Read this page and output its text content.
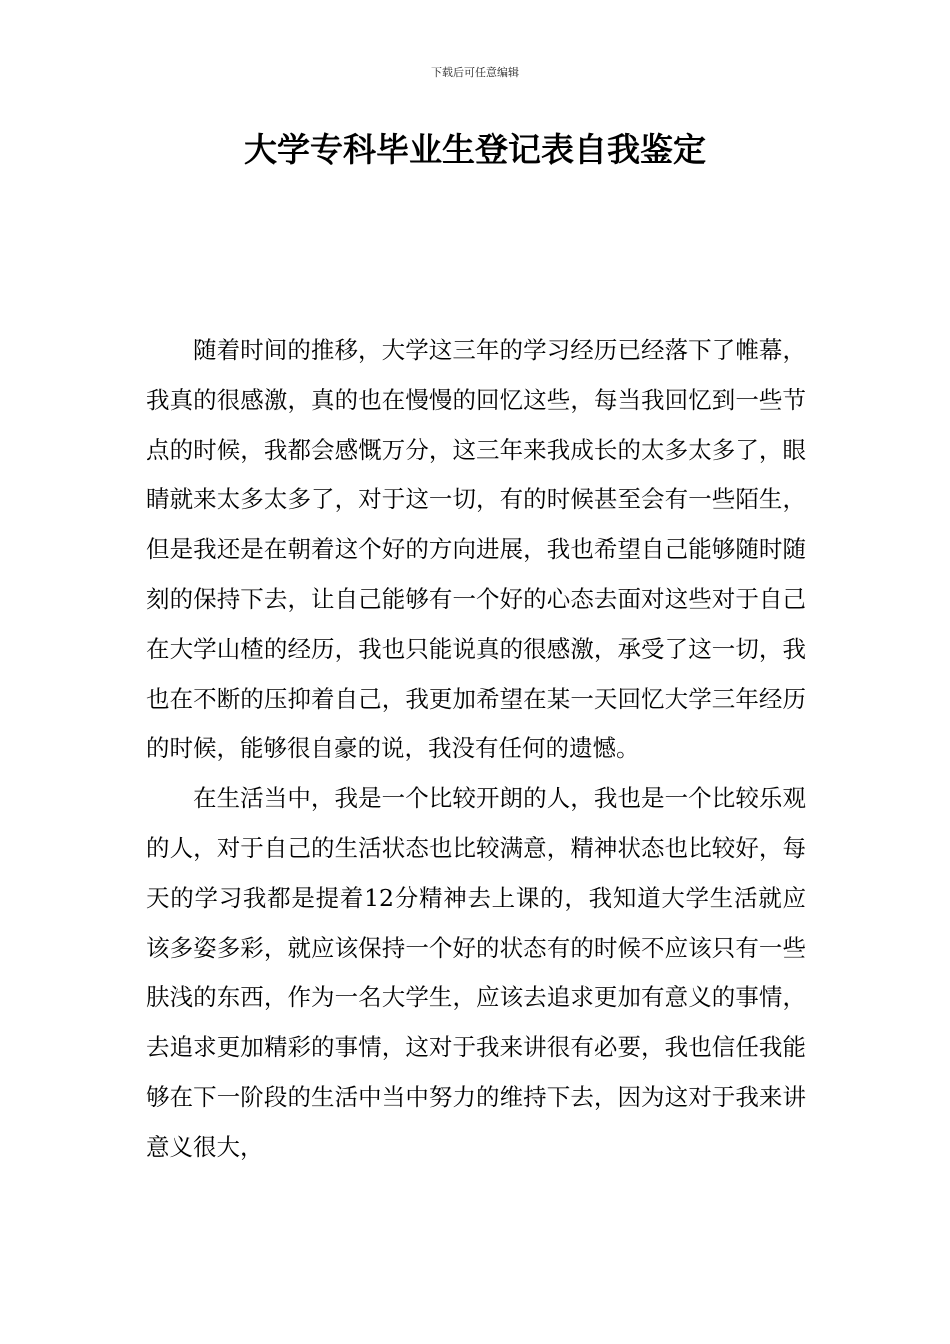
下载后可任意编辑
大学专科毕业生登记表自我鉴定

随着时间的推移，大学这三年的学习经历已经落下了帷幕，我真的很感激，真的也在慢慢的回忆这些，每当我回忆到一些节点的时候，我都会感慨万分，这三年来我成长的太多太多了，眼睛就来太多太多了，对于这一切，有的时候甚至会有一些陌生，但是我还是在朝着这个好的方向进展，我也希望自己能够随时随刻的保持下去，让自己能够有一个好的心态去面对这些对于自己在大学山楂的经历，我也只能说真的很感激，承受了这一切，我也在不断的压抑着自己，我更加希望在某一天回忆大学三年经历的时候，能够很自豪的说，我没有任何的遗憾。

在生活当中，我是一个比较开朗的人，我也是一个比较乐观的人，对于自己的生活状态也比较满意，精神状态也比较好，每天的学习我都是提着12分精神去上课的，我知道大学生活就应该多姿多彩，就应该保持一个好的状态有的时候不应该只有一些肤浅的东西，作为一名大学生，应该去追求更加有意义的事情，去追求更加精彩的事情，这对于我来讲很有必要，我也信任我能够在下一阶段的生活中当中努力的维持下去，因为这对于我来讲意义很大，
